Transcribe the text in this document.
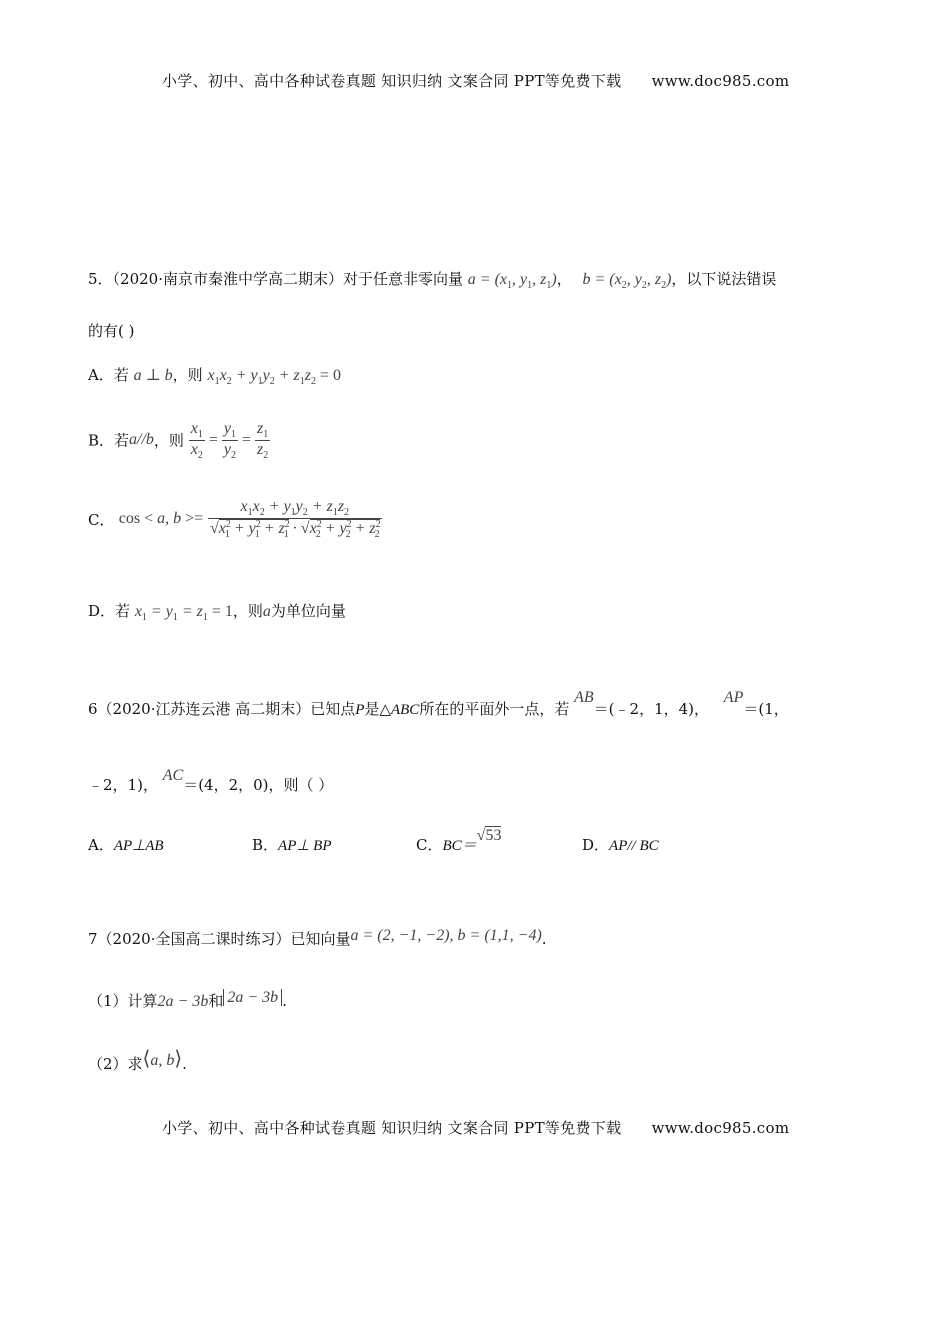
小学、初中、高中各种试卷真题 知识归纳 文案合同 PPT等免费下载 www.doc985.com
5．（2020·南京市秦淮中学高二期末）对于任意非零向量 $a = (x_1$, $y_1$, $z_1$)， $b = (x_2$, $y_2$, $z_2$)，以下说法错误
的有( )
A．若 a ⊥ b，则 $x_1x_2 + y_1y_2 + z_1z_2 = 0$
B．若a//b，则 $\frac{x_1}{x_2} = \frac{y_1}{y_2} = \frac{z_1}{z_2}$
C． cos < a, $b >= \frac{x_1x_2 + y_1y_2 + z_1z_2}{√x^2_1 + y^2_1 + z^2_1 \cdot √x^2_2 + y^2_2 + z^2_2}$
D．若 $x_1 = y_1 = z_1 = 1$，则a为单位向量
6（2020·江苏连云港 高二期末）已知点P是△ABC所在的平面外一点，若 AB＝(﹣2，1，4)， AP＝(1，
﹣2，1)， AC＝(4，2，0)，则（ ）
A．AP⊥AB	B．AP⊥ BP	C．BC＝√53
D．AP// BC
7（2020·全国高二课时练习）已知向量a = (2, −1, −2), b = (1,1, −4).
（1）计算2a − 3b和 2a − 3b .
（2）求⟨a, b⟩.
小学、初中、高中各种试卷真题 知识归纳 文案合同 PPT等免费下载 www.doc985.com
